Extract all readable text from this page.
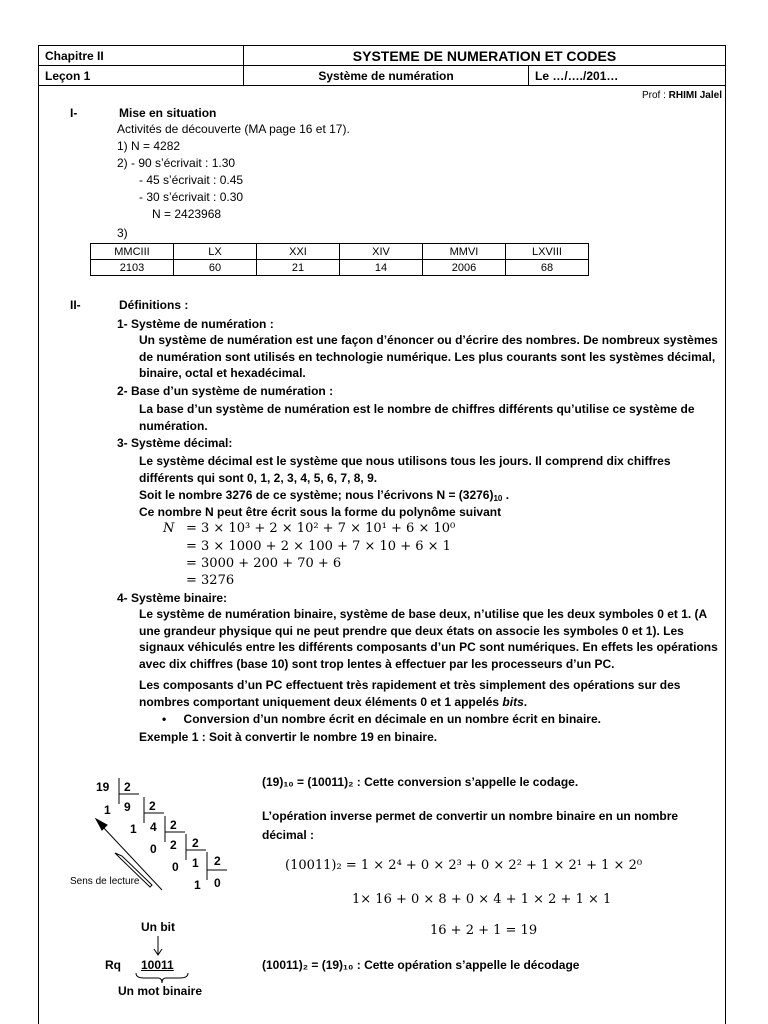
Chapitre II	SYSTEME DE NUMERATION ET CODES	
Leçon 1	Système de numération	Le …/…./201…
Prof : RHIMI Jalel
I-	Mise en situation
Activités de découverte (MA page 16 et 17).
1) N = 4282
2) - 90 s’écrivait : 1.30
- 45 s’écrivait : 0.45
- 30 s’écrivait : 0.30
N = 2423968
3)
MMCIII	LX	XXI	XIV	MMVI	LXVIII
2103	60	21	14	2006	68
II-	Définitions :
1- Système de numération :
Un système de numération est une façon d’énoncer ou d’écrire des nombres. De nombreux systèmes de numération sont utilisés en technologie numérique. Les plus courants sont les systèmes décimal, binaire, octal et hexadécimal.
2- Base d’un système de numération :
La base d’un système de numération est le nombre de chiffres différents qu’utilise ce système de numération.
3- Système décimal:
Le système décimal est le système que nous utilisons tous les jours. Il comprend dix chiffres différents qui sont 0, 1, 2, 3, 4, 5, 6, 7, 8, 9.
Soit le nombre 3276 de ce système; nous l’écrivons $N = (3276)_{10}$ .
Ce nombre N peut être écrit sous la forme du polynôme suivant
N = 3 × 10³ + 2 × 10² + 7 × 10¹ + 6 × 10⁰
= 3 × 1000 + 2 × 100 + 7 × 10 + 6 × 1
= 3000 + 200 + 70 + 6
= 3276
4- Système binaire:
Le système de numération binaire, système de base deux, n’utilise que les deux symboles 0 et 1. (A une grandeur physique qui ne peut prendre que deux états on associe les symboles 0 et 1). Les signaux véhiculés entre les différents composants d’un PC sont numériques. En effets les opérations avec dix chiffres (base 10) sont trop lentes à effectuer par les processeurs d’un PC.
Les composants d’un PC effectuent très rapidement et très simplement des opérations sur des nombres comportant uniquement deux éléments 0 et 1 appelés bits.
• Conversion d’un nombre écrit en décimale en un nombre écrit en binaire.
Exemple 1 : Soit à convertir le nombre 19 en binaire.
19 2
1 9 2
1 4 2
0 2 2
0 1 2
1 0
Sens de lecture
Un bit
Rq 10011
Un mot binaire
(19)₁₀ = (10011)₂ : Cette conversion s’appelle le codage.
L’opération inverse permet de convertir un nombre binaire en un nombre décimal :
(10011)₂ = 1 × 2⁴ + 0 × 2³ + 0 × 2² + 1 × 2¹ + 1 × 2⁰
1× 16 + 0 × 8 + 0 × 4 + 1 × 2 + 1 × 1
16 + 2 + 1 = 19
(10011)₂ = (19)₁₀ : Cette opération s’appelle le décodage
